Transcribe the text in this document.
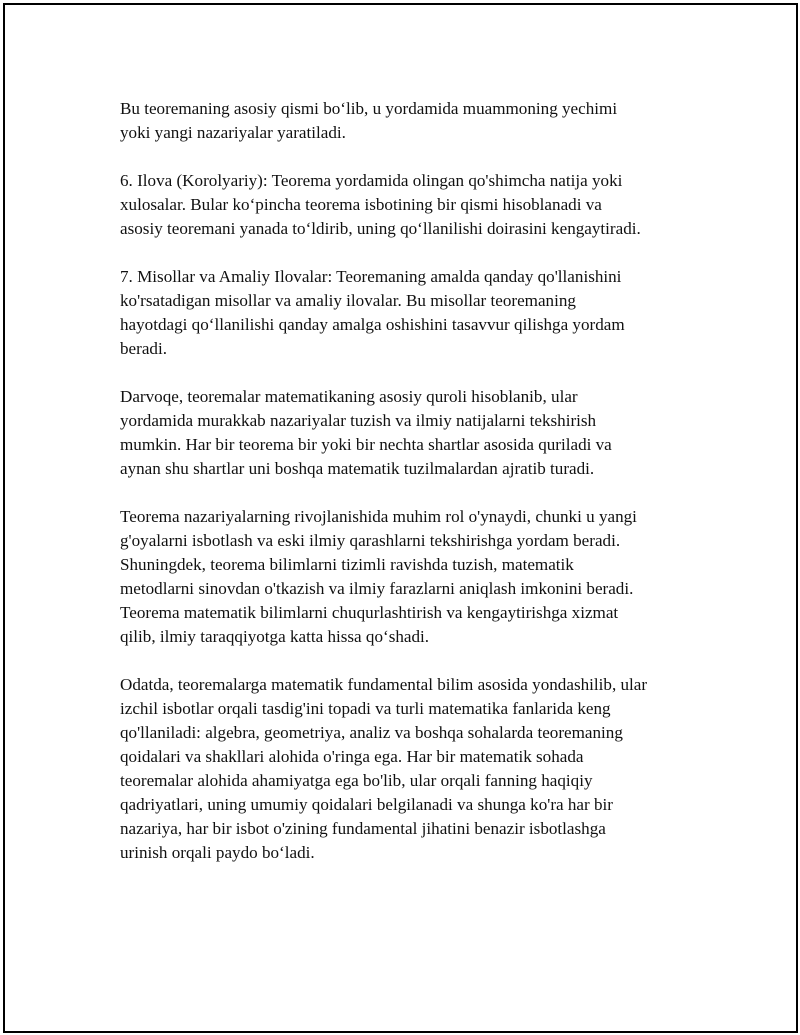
Bu teoremaning asosiy qismi bo‘lib, u yordamida muammoning yechimi
yoki yangi nazariyalar yaratiladi.

6. Ilova (Korolyariy): Teorema yordamida olingan qo'shimcha natija yoki
xulosalar. Bular ko‘pincha teorema isbotining bir qismi hisoblanadi va
asosiy teoremani yanada to‘ldirib, uning qo‘llanilishi doirasini kengaytiradi.

7. Misollar va Amaliy Ilovalar: Teoremaning amalda qanday qo'llanishini
ko'rsatadigan misollar va amaliy ilovalar. Bu misollar teoremaning
hayotdagi qo‘llanilishi qanday amalga oshishini tasavvur qilishga yordam
beradi.

Darvoqe, teoremalar matematikaning asosiy quroli hisoblanib, ular
yordamida murakkab nazariyalar tuzish va ilmiy natijalarni tekshirish
mumkin. Har bir teorema bir yoki bir nechta shartlar asosida quriladi va
aynan shu shartlar uni boshqa matematik tuzilmalardan ajratib turadi.

Teorema nazariyalarning rivojlanishida muhim rol o'ynaydi, chunki u yangi
g'oyalarni isbotlash va eski ilmiy qarashlarni tekshirishga yordam beradi.
Shuningdek, teorema bilimlarni tizimli ravishda tuzish, matematik
metodlarni sinovdan o'tkazish va ilmiy farazlarni aniqlash imkonini beradi.
Teorema matematik bilimlarni chuqurlashtirish va kengaytirishga xizmat
qilib, ilmiy taraqqiyotga katta hissa qo‘shadi.

Odatda, teoremalarga matematik fundamental bilim asosida yondashilib, ular
izchil isbotlar orqali tasdig'ini topadi va turli matematika fanlarida keng
qo'llaniladi: algebra, geometriya, analiz va boshqa sohalarda teoremaning
qoidalari va shakllari alohida o'ringa ega. Har bir matematik sohada
teoremalar alohida ahamiyatga ega bo'lib, ular orqali fanning haqiqiy
qadriyatlari, uning umumiy qoidalari belgilanadi va shunga ko'ra har bir
nazariya, har bir isbot o'zining fundamental jihatini benazir isbotlashga
urinish orqali paydo bo‘ladi.
